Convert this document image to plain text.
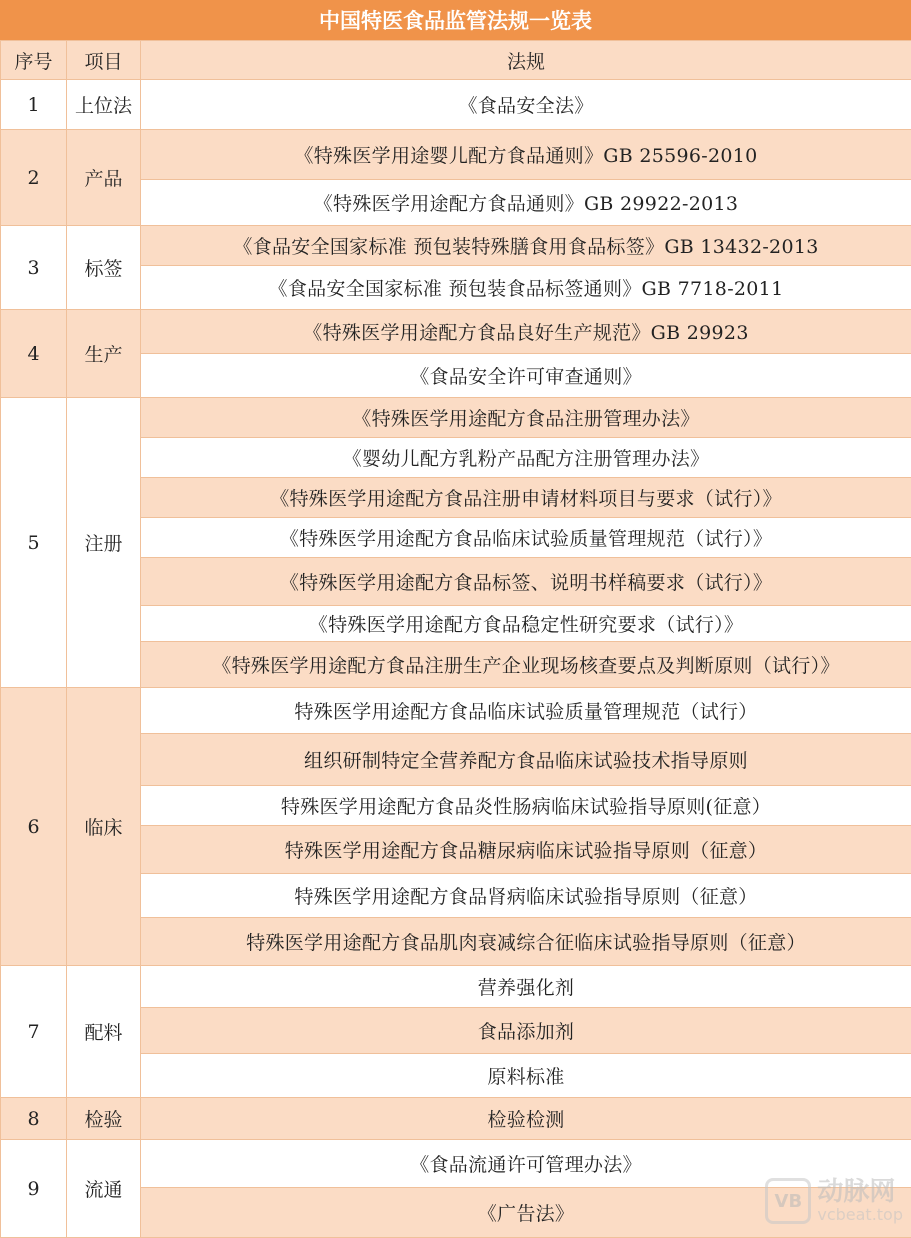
中国特医食品监管法规一览表
序号	项目	法规
1	上位法	《食品安全法》
2	产品	《特殊医学用途婴儿配方食品通则》GB 25596-2010
		《特殊医学用途配方食品通则》GB 29922-2013
3	标签	《食品安全国家标准 预包装特殊膳食用食品标签》GB 13432-2013
		《食品安全国家标准 预包装食品标签通则》GB 7718-2011
4	生产	《特殊医学用途配方食品良好生产规范》GB 29923
		《食品安全许可审查通则》
5	注册	《特殊医学用途配方食品注册管理办法》
		《婴幼儿配方乳粉产品配方注册管理办法》
		《特殊医学用途配方食品注册申请材料项目与要求（试行）》
		《特殊医学用途配方食品临床试验质量管理规范（试行）》
		《特殊医学用途配方食品标签、说明书样稿要求（试行）》
		《特殊医学用途配方食品稳定性研究要求（试行）》
		《特殊医学用途配方食品注册生产企业现场核查要点及判断原则（试行）》
6	临床	特殊医学用途配方食品临床试验质量管理规范（试行）
		组织研制特定全营养配方食品临床试验技术指导原则
		特殊医学用途配方食品炎性肠病临床试验指导原则(征意）
		特殊医学用途配方食品糖尿病临床试验指导原则（征意）
		特殊医学用途配方食品肾病临床试验指导原则（征意）
		特殊医学用途配方食品肌肉衰减综合征临床试验指导原则（征意）
7	配料	营养强化剂
		食品添加剂
		原料标准
8	检验	检验检测
9	流通	《食品流通许可管理办法》
		《广告法》
VB 动脉网
vcbeat.top
